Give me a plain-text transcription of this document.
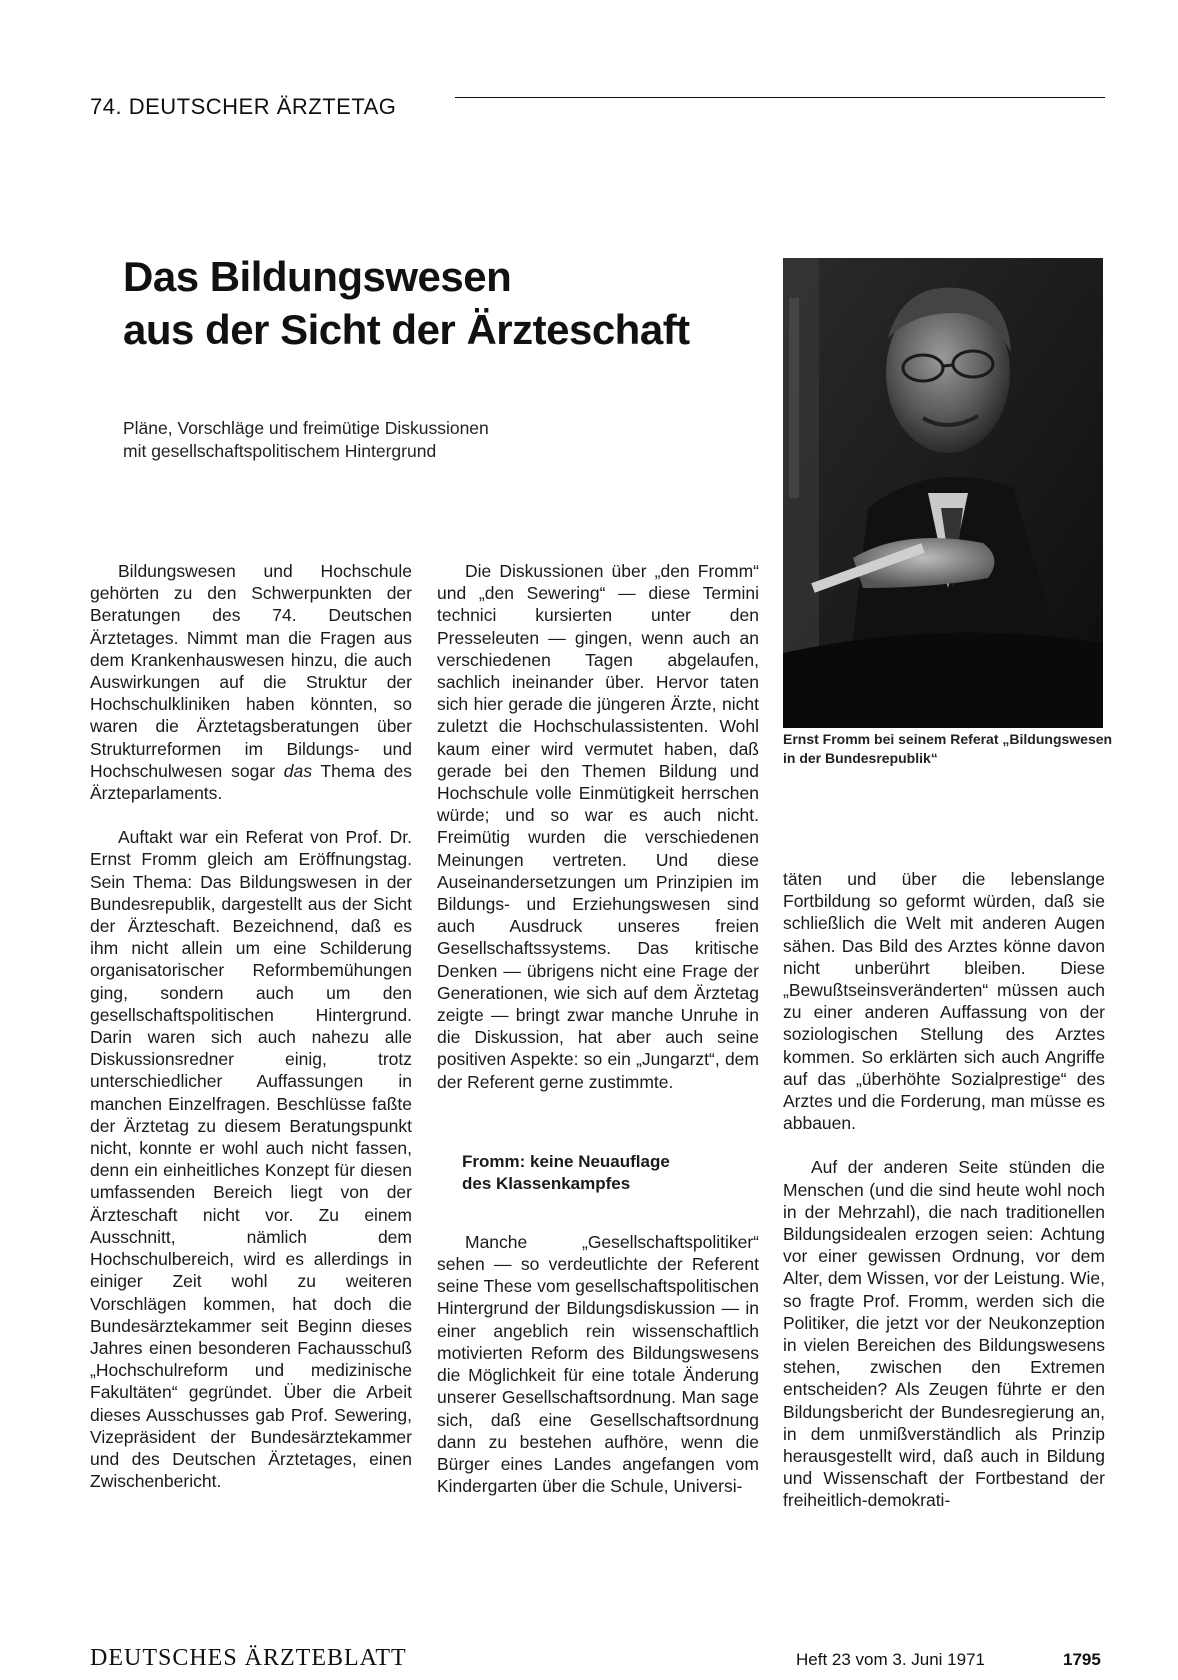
74. DEUTSCHER ÄRZTETAG
Das Bildungswesen
aus der Sicht der Ärzteschaft
Pläne, Vorschläge und freimütige Diskussionen
mit gesellschaftspolitischem Hintergrund
Ernst Fromm bei seinem Referat „Bildungswesen in der Bundesrepublik“

Bildungswesen und Hochschule gehörten zu den Schwerpunkten der Beratungen des 74. Deutschen Ärztetages. Nimmt man die Fragen aus dem Krankenhauswesen hinzu, die auch Auswirkungen auf die Struktur der Hochschulkliniken haben könnten, so waren die Ärztetagsberatungen über Strukturreformen im Bildungs- und Hochschulwesen sogar das Thema des Ärzteparlaments.

Auftakt war ein Referat von Prof. Dr. Ernst Fromm gleich am Eröffnungstag. Sein Thema: Das Bildungswesen in der Bundesrepublik, dargestellt aus der Sicht der Ärzteschaft. Bezeichnend, daß es ihm nicht allein um eine Schilderung organisatorischer Reformbemühungen ging, sondern auch um den gesellschaftspolitischen Hintergrund. Darin waren sich auch nahezu alle Diskussionsredner einig, trotz unterschiedlicher Auffassungen in manchen Einzelfragen. Beschlüsse faßte der Ärztetag zu diesem Beratungspunkt nicht, konnte er wohl auch nicht fassen, denn ein einheitliches Konzept für diesen umfassenden Bereich liegt von der Ärzteschaft nicht vor. Zu einem Ausschnitt, nämlich dem Hochschulbereich, wird es allerdings in einiger Zeit wohl zu weiteren Vorschlägen kommen, hat doch die Bundesärztekammer seit Beginn dieses Jahres einen besonderen Fachausschuß „Hochschulreform und medizinische Fakultäten“ gegründet. Über die Arbeit dieses Ausschusses gab Prof. Sewering, Vizepräsident der Bundesärztekammer und des Deutschen Ärztetages, einen Zwischenbericht.

Die Diskussionen über „den Fromm“ und „den Sewering“ — diese Termini technici kursierten unter den Presseleuten — gingen, wenn auch an verschiedenen Tagen abgelaufen, sachlich ineinander über. Hervor taten sich hier gerade die jüngeren Ärzte, nicht zuletzt die Hochschulassistenten. Wohl kaum einer wird vermutet haben, daß gerade bei den Themen Bildung und Hochschule volle Einmütigkeit herrschen würde; und so war es auch nicht. Freimütig wurden die verschiedenen Meinungen vertreten. Und diese Auseinandersetzungen um Prinzipien im Bildungs- und Erziehungswesen sind auch Ausdruck unseres freien Gesellschaftssystems. Das kritische Denken — übrigens nicht eine Frage der Generationen, wie sich auf dem Ärztetag zeigte — bringt zwar manche Unruhe in die Diskussion, hat aber auch seine positiven Aspekte: so ein „Jungarzt“, dem der Referent gerne zustimmte.

Fromm: keine Neuauflage
des Klassenkampfes

Manche „Gesellschaftspolitiker“ sehen — so verdeutlichte der Referent seine These vom gesellschaftspolitischen Hintergrund der Bildungsdiskussion — in einer angeblich rein wissenschaftlich motivierten Reform des Bildungswesens die Möglichkeit für eine totale Änderung unserer Gesellschaftsordnung. Man sage sich, daß eine Gesellschaftsordnung dann zu bestehen aufhöre, wenn die Bürger eines Landes angefangen vom Kindergarten über die Schule, Universi-

täten und über die lebenslange Fortbildung so geformt würden, daß sie schließlich die Welt mit anderen Augen sähen. Das Bild des Arztes könne davon nicht unberührt bleiben. Diese „Bewußtseinsveränderten“ müssen auch zu einer anderen Auffassung von der soziologischen Stellung des Arztes kommen. So erklärten sich auch Angriffe auf das „überhöhte Sozialprestige“ des Arztes und die Forderung, man müsse es abbauen.

Auf der anderen Seite stünden die Menschen (und die sind heute wohl noch in der Mehrzahl), die nach traditionellen Bildungsidealen erzogen seien: Achtung vor einer gewissen Ordnung, vor dem Alter, dem Wissen, vor der Leistung. Wie, so fragte Prof. Fromm, werden sich die Politiker, die jetzt vor der Neukonzeption in vielen Bereichen des Bildungswesens stehen, zwischen den Extremen entscheiden? Als Zeugen führte er den Bildungsbericht der Bundesregierung an, in dem unmißverständlich als Prinzip herausgestellt wird, daß auch in Bildung und Wissenschaft der Fortbestand der freiheitlich-demokrati-

DEUTSCHES ÄRZTEBLATT	Heft 23 vom 3. Juni 1971	1795
